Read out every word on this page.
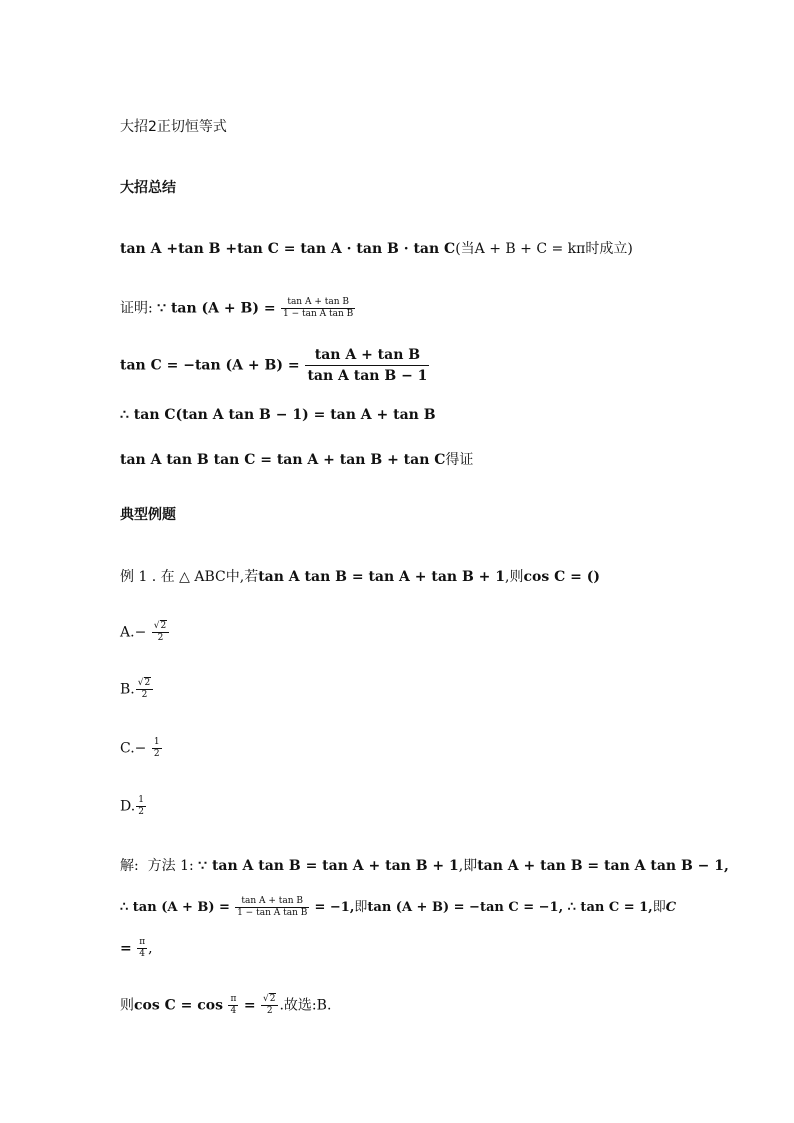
大招2正切恒等式
大招总结
tan A +tan B +tan C = tan A · tan B · tan C(当A + B + C = kπ时成立)
证明: ∵ $\tan (A + B) = \frac{\text{tan A + tan B}}{\text{1 − tan A tan B}}$
tan C = −tan $(A + B) = \frac{\text{tan A + tan B}}{\text{tan A tan B − 1}}$
∴ tan C(tan A tan B − 1) = tan A + tan B
tan A tan B tan C = tan A + tan B + tan C得证
典型例题
例 1 . 在 △ ABC中,若tan A tan B = tan A + tan B + 1,则cos C = ()
$A.- \frac{√2}{2}$
B. $\frac{√2}{2}$
$C.- \frac{1}{2}$
D. $\frac{1}{2}$
解: 方法 1: ∵ tan A tan B = tan A + tan B + 1,即tan A + tan B = tan A tan B − 1,
∴ $\tan (A + B) = \frac{\text{tan A + tan B}}{\text{1 − tan A tan B}} = -1$,即tan (A + B) = −tan C = −1, ∴ tan C = 1,即C
= $\frac{\pi}{4}$ ,
则$\cos C = \cos \frac{\pi}{4} = \frac{√2}{2}$ .故选:B.
